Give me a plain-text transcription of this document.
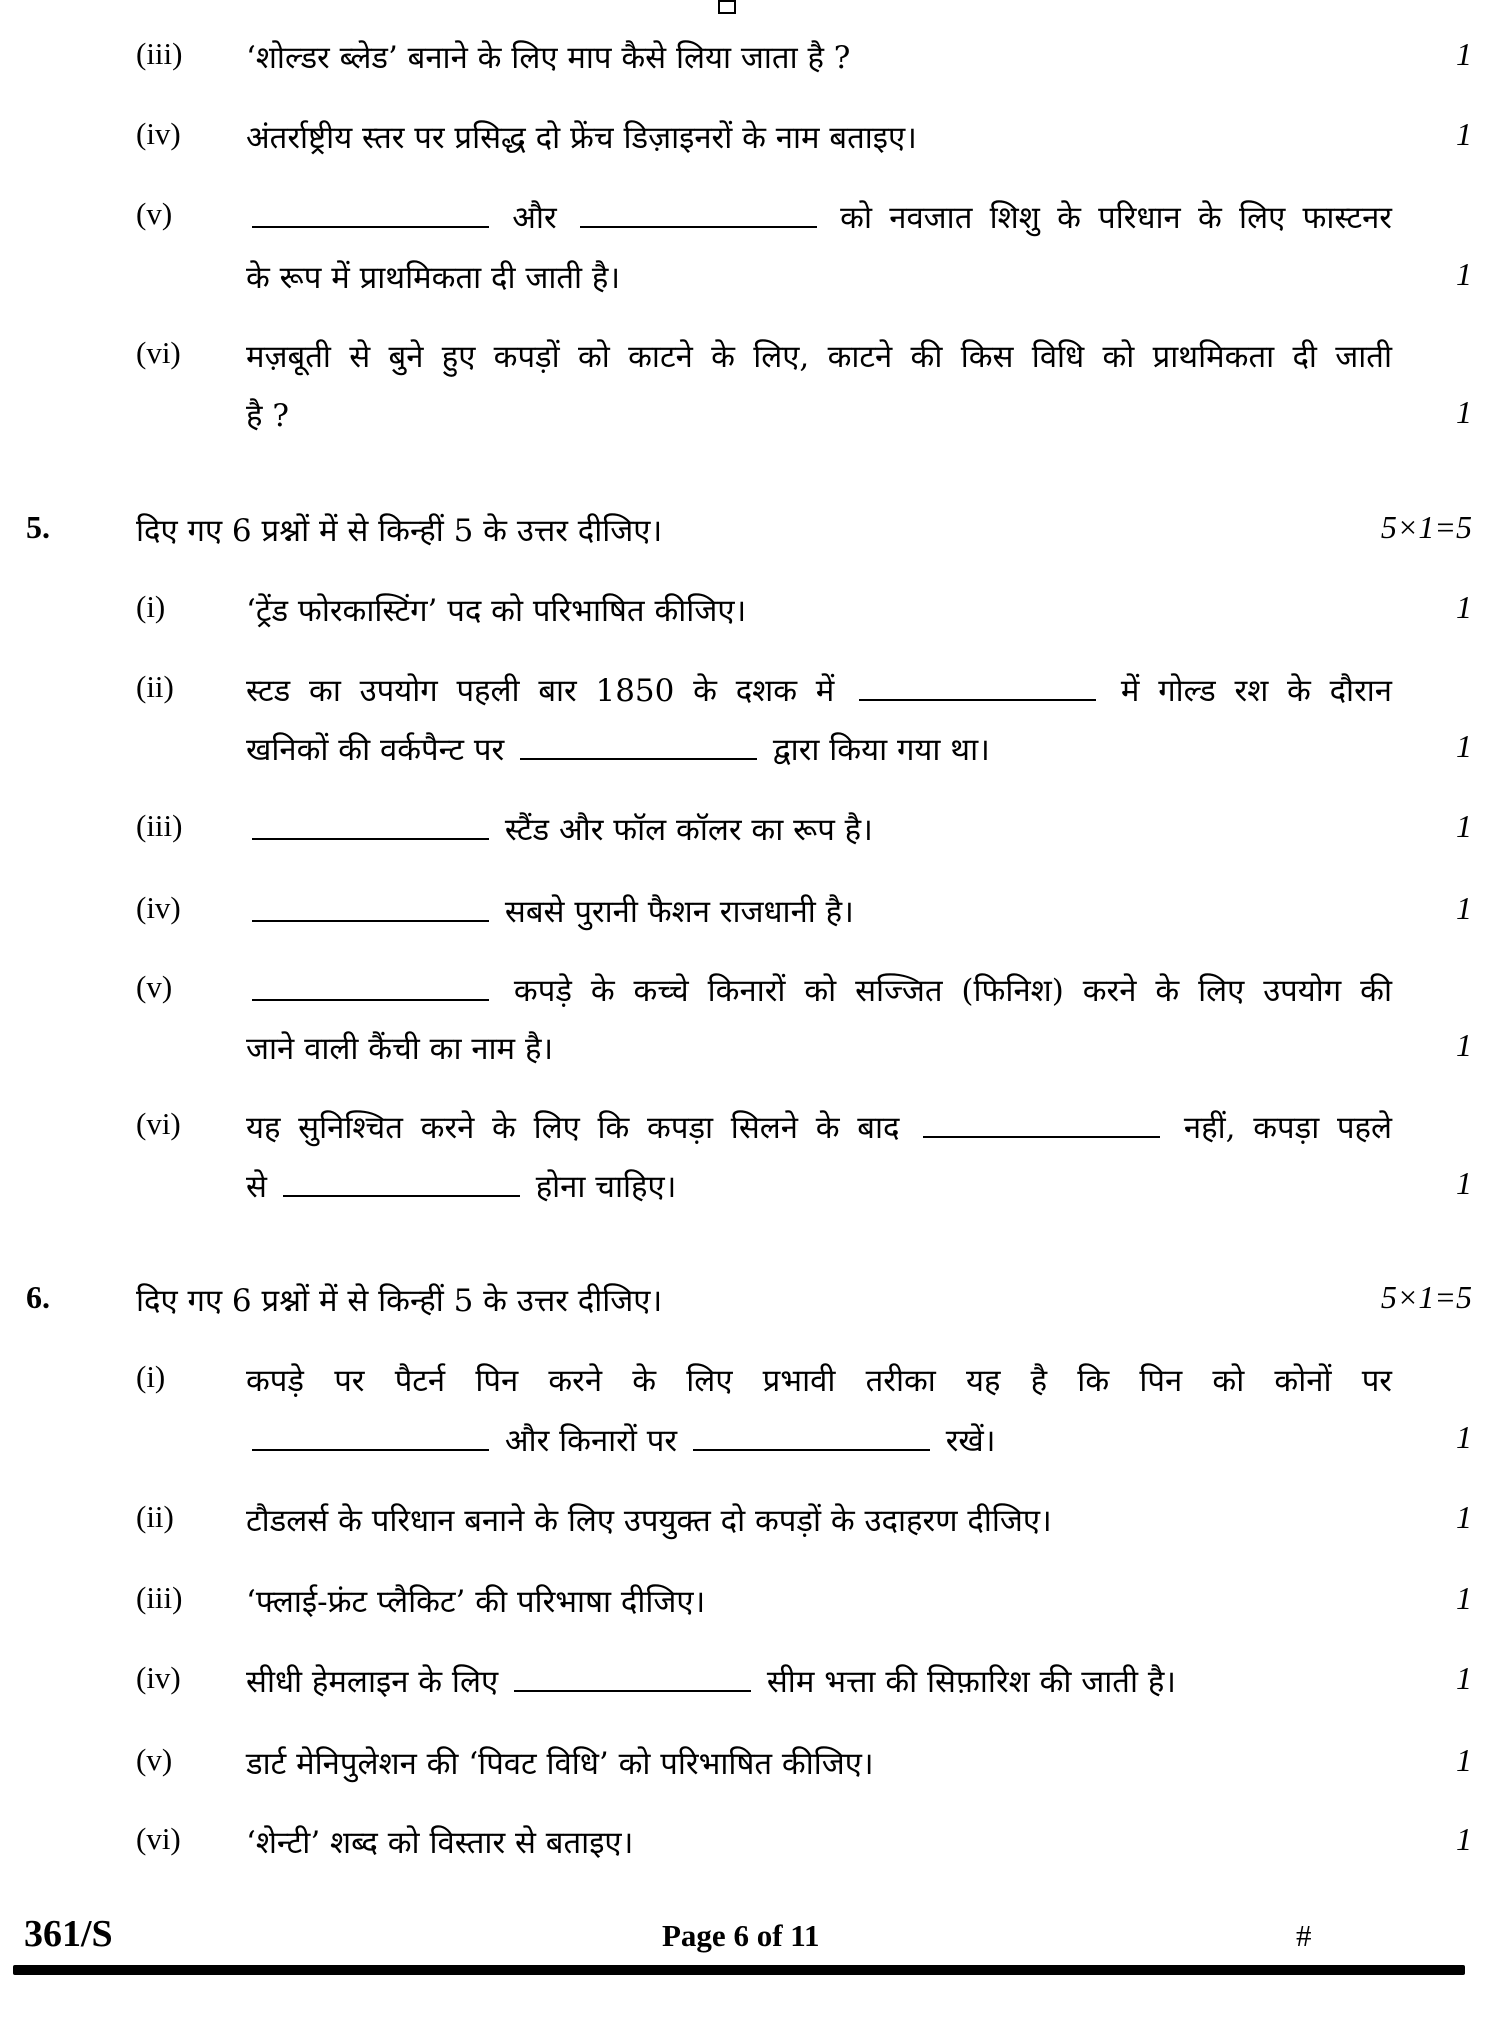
(iii) ‘शोल्डर ब्लेड’ बनाने के लिए माप कैसे लिया जाता है ?	1
(iv) अंतर्राष्ट्रीय स्तर पर प्रसिद्ध दो फ्रेंच डिज़ाइनरों के नाम बताइए।	1
(v)	और	को नवजात शिशु के परिधान के लिए फास्टनर
के रूप में प्राथमिकता दी जाती है।	1
(vi) मज़बूती से बुने हुए कपड़ों को काटने के लिए, काटने की किस विधि को प्राथमिकता दी जाती
है ?	1
5.	दिए गए 6 प्रश्नों में से किन्हीं 5 के उत्तर दीजिए।	5×1=5
(i)	‘ट्रेंड फोरकास्टिंग’ पद को परिभाषित कीजिए।	1
(ii) स्टड का उपयोग पहली बार 1850 के दशक में	में गोल्ड रश के दौरान
खनिकों की वर्कपैन्ट पर	द्वारा किया गया था।	1
(iii)	स्टैंड और फॉल कॉलर का रूप है।	1
(iv)	सबसे पुरानी फैशन राजधानी है।	1
(v)	कपड़े के कच्चे किनारों को सज्जित (फिनिश) करने के लिए उपयोग की
जाने वाली कैंची का नाम है।	1
(vi) यह सुनिश्चित करने के लिए कि कपड़ा सिलने के बाद	नहीं, कपड़ा पहले
से	होना चाहिए।	1
6.	दिए गए 6 प्रश्नों में से किन्हीं 5 के उत्तर दीजिए।	5×1=5
(i)	कपड़े पर पैटर्न पिन करने के लिए प्रभावी तरीका यह है कि पिन को कोनों पर
और किनारों पर	रखें।	1
(ii) टौडलर्स के परिधान बनाने के लिए उपयुक्त दो कपड़ों के उदाहरण दीजिए।	1
(iii) ‘फ्लाई-फ्रंट प्लैकिट’ की परिभाषा दीजिए।	1
(iv) सीधी हेमलाइन के लिए	सीम भत्ता की सिफ़ारिश की जाती है।	1
(v) डार्ट मेनिपुलेशन की ‘पिवट विधि’ को परिभाषित कीजिए।	1
(vi) ‘शेन्टी’ शब्द को विस्तार से बताइए।	1
361/S	Page 6 of 11	#
